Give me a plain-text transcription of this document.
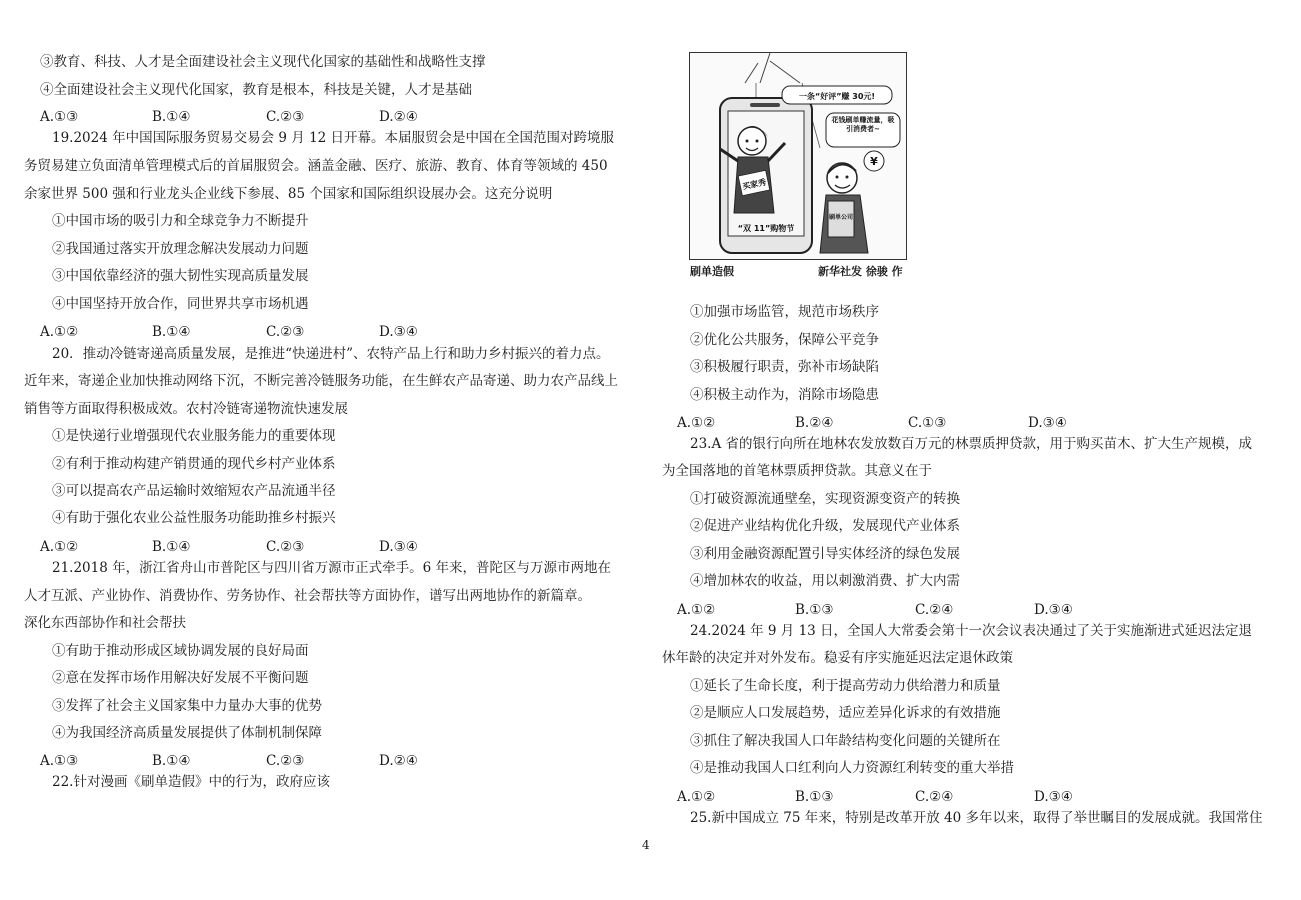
③教育、科技、人才是全面建设社会主义现代化国家的基础性和战略性支撑
④全面建设社会主义现代化国家，教育是根本，科技是关键，人才是基础
A.①③	B.①④	C.②③	D.②④
19.2024 年中国国际服务贸易交易会 9 月 12 日开幕。本届服贸会是中国在全国范围对跨境服
务贸易建立负面清单管理模式后的首届服贸会。涵盖金融、医疗、旅游、教育、体育等领域的 450
余家世界 500 强和行业龙头企业线下参展、85 个国家和国际组织设展办会。这充分说明
①中国市场的吸引力和全球竞争力不断提升
②我国通过落实开放理念解决发展动力问题
③中国依靠经济的强大韧性实现高质量发展
④中国坚持开放合作，同世界共享市场机遇
A.①②	B.①④	C.②③	D.③④
20．推动冷链寄递高质量发展，是推进“快递进村”、农特产品上行和助力乡村振兴的着力点。
近年来，寄递企业加快推动网络下沉，不断完善冷链服务功能，在生鲜农产品寄递、助力农产品线上
销售等方面取得积极成效。农村冷链寄递物流快速发展
①是快递行业增强现代农业服务能力的重要体现
②有利于推动构建产销贯通的现代乡村产业体系
③可以提高农产品运输时效缩短农产品流通半径
④有助于强化农业公益性服务功能助推乡村振兴
A.①②	B.①④	C.②③	D.③④
21.2018 年，浙江省舟山市普陀区与四川省万源市正式牵手。6 年来，普陀区与万源市两地在
人才互派、产业协作、消费协作、劳务协作、社会帮扶等方面协作，谱写出两地协作的新篇章。
深化东西部协作和社会帮扶
①有助于推动形成区域协调发展的良好局面
②意在发挥市场作用解决好发展不平衡问题
③发挥了社会主义国家集中力量办大事的优势
④为我国经济高质量发展提供了体制机制保障
A.①③	B.①④	C.②③	D.②④
22.针对漫画《刷单造假》中的行为，政府应该
买家秀
“双 11”购物节
¥
刷单公司
一条“好评”赚 30元!
花钱刷单赚流量，吸引消费者~
刷单造假	新华社发 徐骏 作
①加强市场监管，规范市场秩序
②优化公共服务，保障公平竞争
③积极履行职责，弥补市场缺陷
④积极主动作为，消除市场隐患
A.①②	B.②④	C.①③	D.③④
23.A 省的银行向所在地林农发放数百万元的林票质押贷款，用于购买苗木、扩大生产规模，成
为全国落地的首笔林票质押贷款。其意义在于
①打破资源流通壁垒，实现资源变资产的转换
②促进产业结构优化升级，发展现代产业体系
③利用金融资源配置引导实体经济的绿色发展
④增加林农的收益，用以刺激消费、扩大内需
A.①②	B.①③	C.②④	D.③④
24.2024 年 9 月 13 日，全国人大常委会第十一次会议表决通过了关于实施渐进式延迟法定退
休年龄的决定并对外发布。稳妥有序实施延迟法定退休政策
①延长了生命长度，利于提高劳动力供给潜力和质量
②是顺应人口发展趋势，适应差异化诉求的有效措施
③抓住了解决我国人口年龄结构变化问题的关键所在
④是推动我国人口红利向人力资源红利转变的重大举措
A.①②	B.①③	C.②④	D.③④
25.新中国成立 75 年来，特别是改革开放 40 多年以来，取得了举世瞩目的发展成就。我国常住
4
